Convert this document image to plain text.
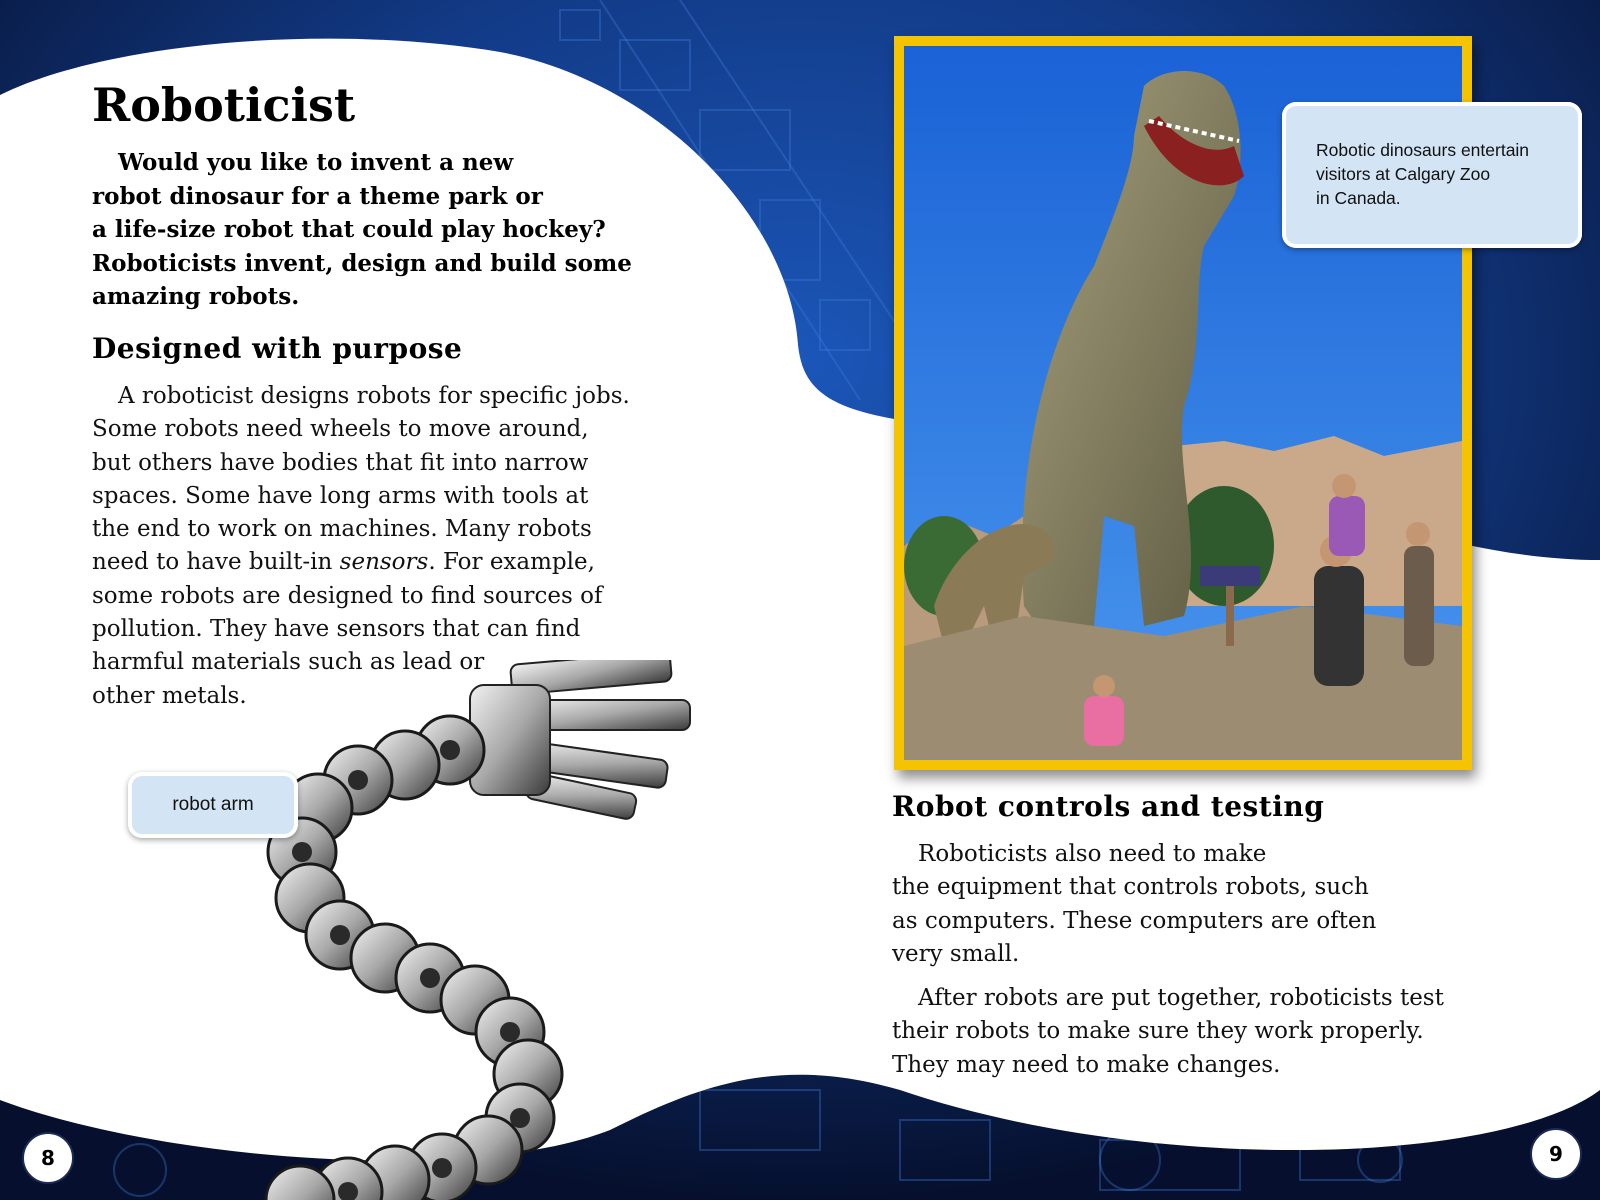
Roboticist
Would you like to invent a new
robot dinosaur for a theme park or
a life-size robot that could play hockey?
Roboticists invent, design and build some
amazing robots.
Designed with purpose
A roboticist designs robots for specific jobs.
Some robots need wheels to move around,
but others have bodies that fit into narrow
spaces. Some have long arms with tools at
the end to work on machines. Many robots
need to have built-in sensors. For example,
some robots are designed to find sources of
pollution. They have sensors that can find
harmful materials such as lead or
other metals.
robot arm
8
Robotic dinosaurs entertain
visitors at Calgary Zoo
in Canada.
Robot controls and testing
Roboticists also need to make
the equipment that controls robots, such
as computers. These computers are often
very small.
After robots are put together, roboticists test
their robots to make sure they work properly.
They may need to make changes.
9
